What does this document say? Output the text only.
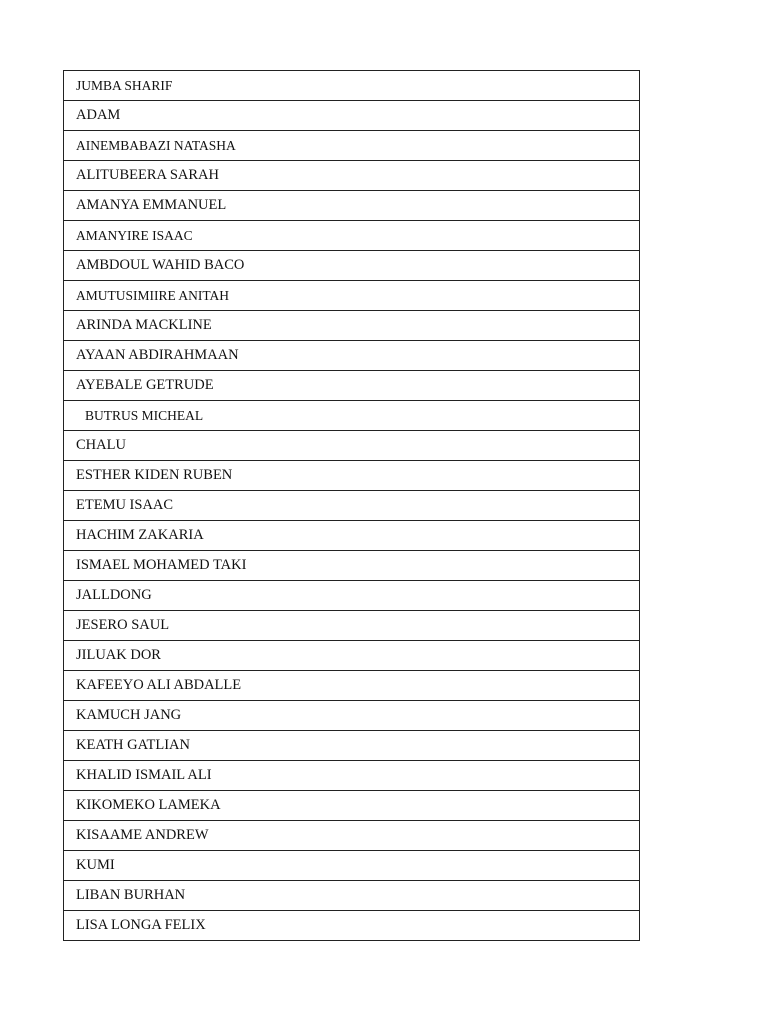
JUMBA SHARIF
ADAM
AINEMBABAZI NATASHA
ALITUBEERA SARAH
AMANYA EMMANUEL
AMANYIRE ISAAC
AMBDOUL WAHID BACO
AMUTUSIMIIRE ANITAH
ARINDA MACKLINE
AYAAN ABDIRAHMAAN
AYEBALE GETRUDE
BUTRUS MICHEAL
CHALU
ESTHER KIDEN RUBEN
ETEMU ISAAC
HACHIM ZAKARIA
ISMAEL MOHAMED TAKI
JALLDONG
JESERO SAUL
JILUAK DOR
KAFEEYO ALI ABDALLE
KAMUCH JANG
KEATH GATLIAN
KHALID ISMAIL ALI
KIKOMEKO LAMEKA
KISAAME ANDREW
KUMI
LIBAN BURHAN
LISA LONGA FELIX
